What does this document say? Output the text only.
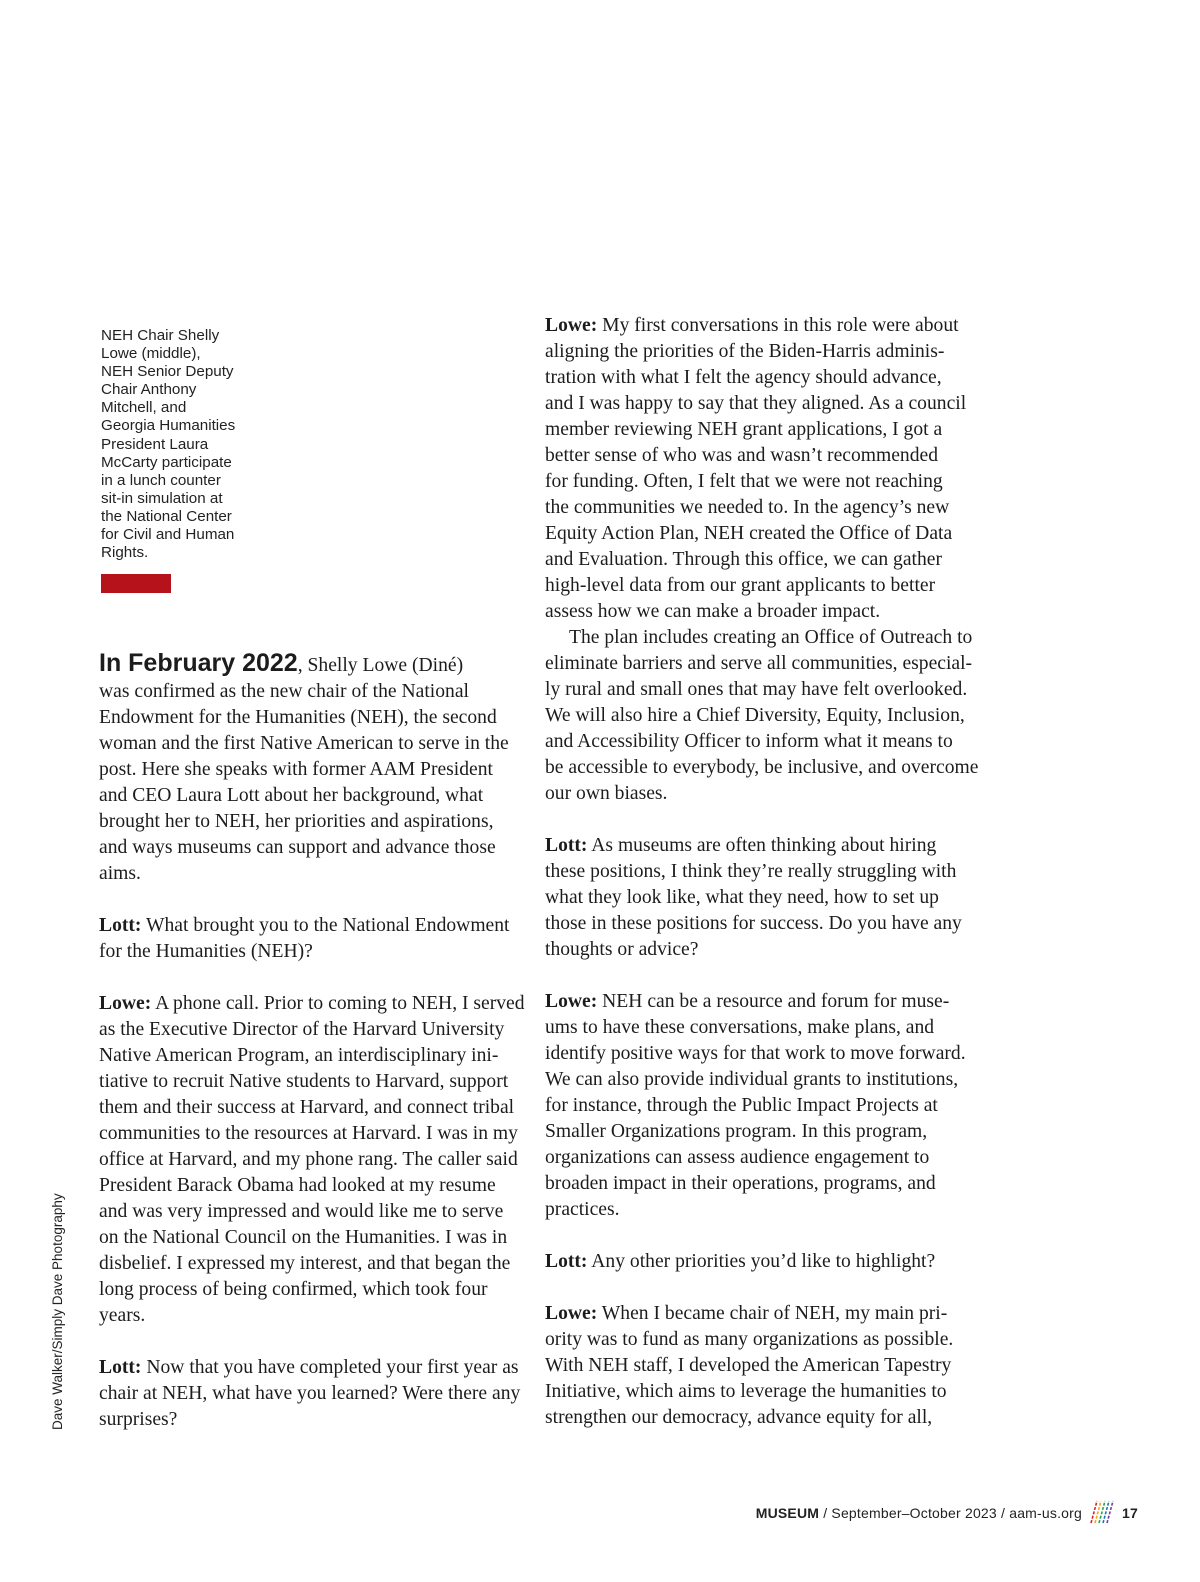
NEH Chair Shelly
Lowe (middle),
NEH Senior Deputy
Chair Anthony
Mitchell, and
Georgia Humanities
President Laura
McCarty participate
in a lunch counter
sit-in simulation at
the National Center
for Civil and Human
Rights.
Dave Walker/Simply Dave Photography

In February 2022, Shelly Lowe (Diné)
was confirmed as the new chair of the National
Endowment for the Humanities (NEH), the second
woman and the first Native American to serve in the
post. Here she speaks with former AAM President
and CEO Laura Lott about her background, what
brought her to NEH, her priorities and aspirations,
and ways museums can support and advance those
aims.

Lott: What brought you to the National Endowment
for the Humanities (NEH)?

Lowe: A phone call. Prior to coming to NEH, I served
as the Executive Director of the Harvard University
Native American Program, an interdisciplinary ini-
tiative to recruit Native students to Harvard, support
them and their success at Harvard, and connect tribal
communities to the resources at Harvard. I was in my
office at Harvard, and my phone rang. The caller said
President Barack Obama had looked at my resume
and was very impressed and would like me to serve
on the National Council on the Humanities. I was in
disbelief. I expressed my interest, and that began the
long process of being confirmed, which took four
years.

Lott: Now that you have completed your first year as
chair at NEH, what have you learned? Were there any
surprises?

Lowe: My first conversations in this role were about
aligning the priorities of the Biden-Harris adminis-
tration with what I felt the agency should advance,
and I was happy to say that they aligned. As a council
member reviewing NEH grant applications, I got a
better sense of who was and wasn’t recommended
for funding. Often, I felt that we were not reaching
the communities we needed to. In the agency’s new
Equity Action Plan, NEH created the Office of Data
and Evaluation. Through this office, we can gather
high-level data from our grant applicants to better
assess how we can make a broader impact.

The plan includes creating an Office of Outreach to
eliminate barriers and serve all communities, especial-
ly rural and small ones that may have felt overlooked.
We will also hire a Chief Diversity, Equity, Inclusion,
and Accessibility Officer to inform what it means to
be accessible to everybody, be inclusive, and overcome
our own biases.

Lott: As museums are often thinking about hiring
these positions, I think they’re really struggling with
what they look like, what they need, how to set up
those in these positions for success. Do you have any
thoughts or advice?

Lowe: NEH can be a resource and forum for muse-
ums to have these conversations, make plans, and
identify positive ways for that work to move forward.
We can also provide individual grants to institutions,
for instance, through the Public Impact Projects at
Smaller Organizations program. In this program,
organizations can assess audience engagement to
broaden impact in their operations, programs, and
practices.

Lott: Any other priorities you’d like to highlight?

Lowe: When I became chair of NEH, my main pri-
ority was to fund as many organizations as possible.
With NEH staff, I developed the American Tapestry
Initiative, which aims to leverage the humanities to
strengthen our democracy, advance equity for all,

MUSEUM / September–October 2023 / aam-us.org	17
